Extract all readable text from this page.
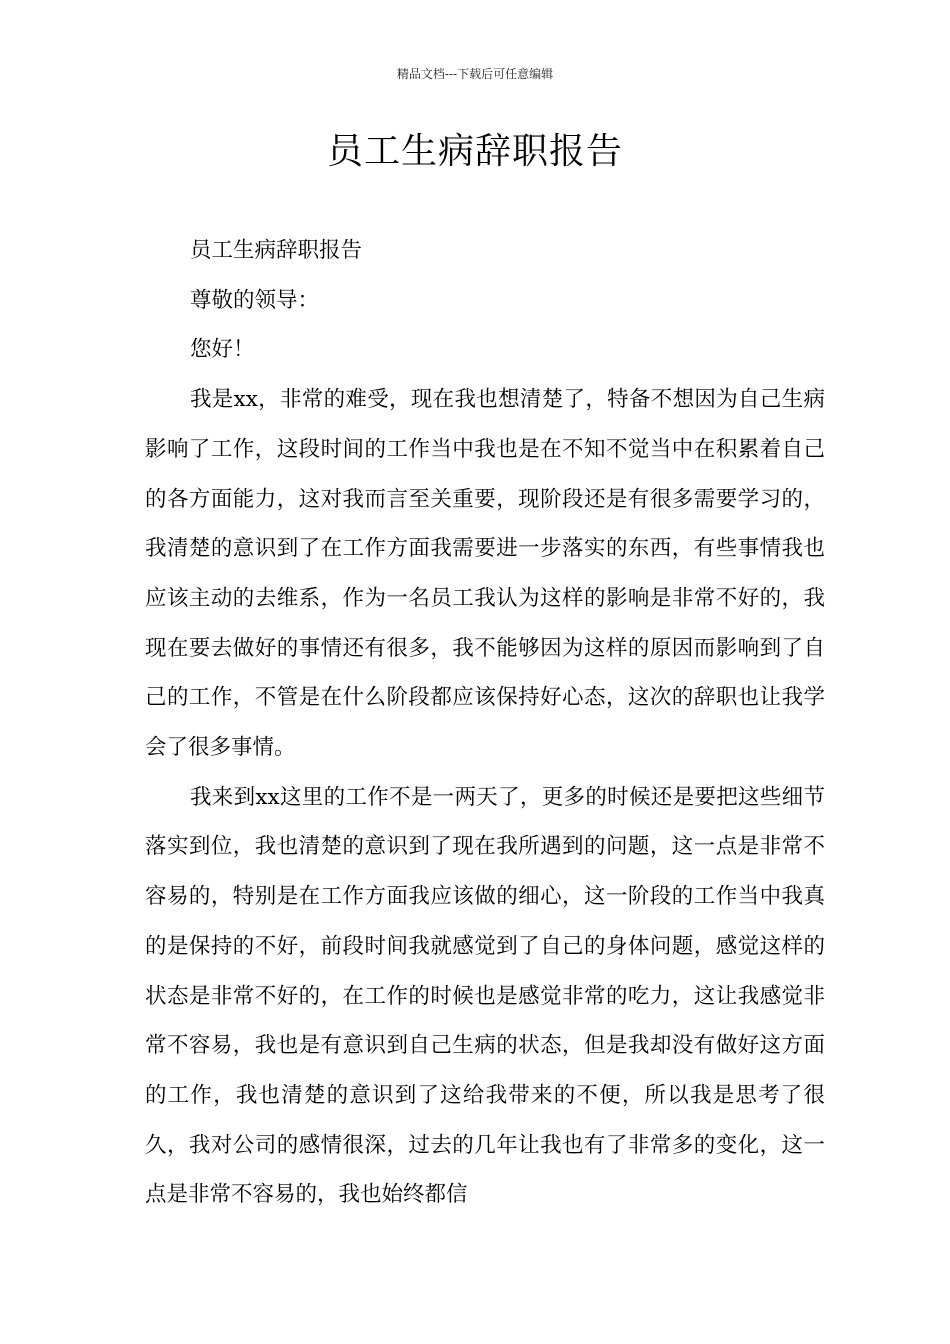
精品文档---下载后可任意编辑
员工生病辞职报告

员工生病辞职报告

尊敬的领导：

您好！

我是xx，非常的难受，现在我也想清楚了，特备不想因为自己生病影响了工作，这段时间的工作当中我也是在不知不觉当中在积累着自己的各方面能力，这对我而言至关重要，现阶段还是有很多需要学习的，我清楚的意识到了在工作方面我需要进一步落实的东西，有些事情我也应该主动的去维系，作为一名员工我认为这样的影响是非常不好的，我现在要去做好的事情还有很多，我不能够因为这样的原因而影响到了自己的工作，不管是在什么阶段都应该保持好心态，这次的辞职也让我学会了很多事情。

我来到xx这里的工作不是一两天了，更多的时候还是要把这些细节落实到位，我也清楚的意识到了现在我所遇到的问题，这一点是非常不容易的，特别是在工作方面我应该做的细心，这一阶段的工作当中我真的是保持的不好，前段时间我就感觉到了自己的身体问题，感觉这样的状态是非常不好的，在工作的时候也是感觉非常的吃力，这让我感觉非常不容易，我也是有意识到自己生病的状态，但是我却没有做好这方面的工作，我也清楚的意识到了这给我带来的不便，所以我是思考了很久，我对公司的感情很深，过去的几年让我也有了非常多的变化，这一点是非常不容易的，我也始终都信
